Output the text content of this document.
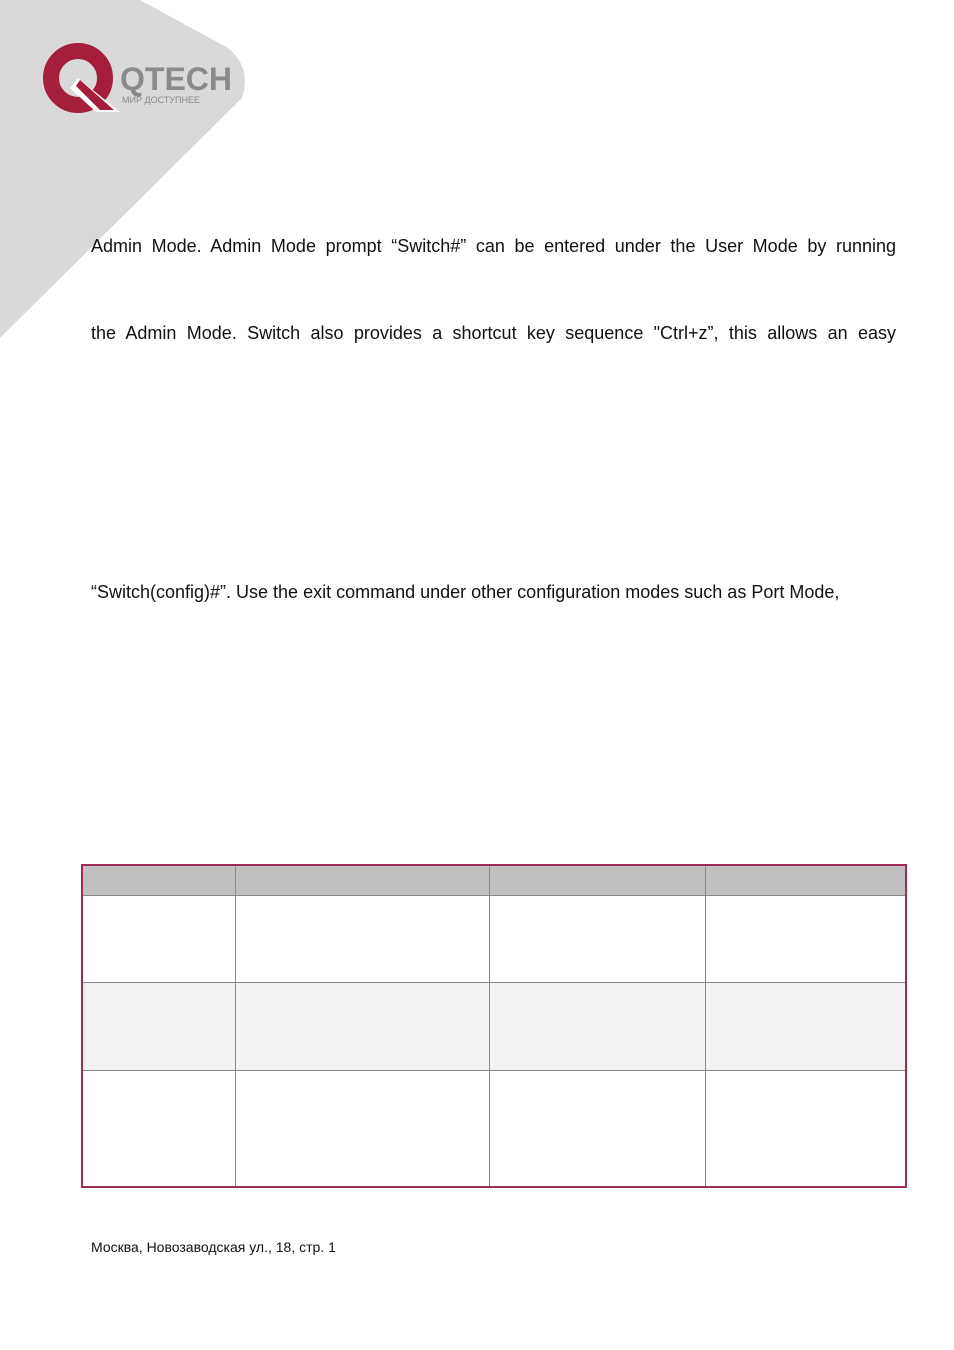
QTECH
МИР ДОСТУПНЕЕ
Admin Mode. Admin Mode prompt “Switch#” can be entered under the User Mode by running
the Admin Mode. Switch also provides a shortcut key sequence "Ctrl+z”, this allows an easy
“Switch(config)#”. Use the exit command under other configuration modes such as Port Mode,

Москва, Новозаводская ул., 18, стр. 1
